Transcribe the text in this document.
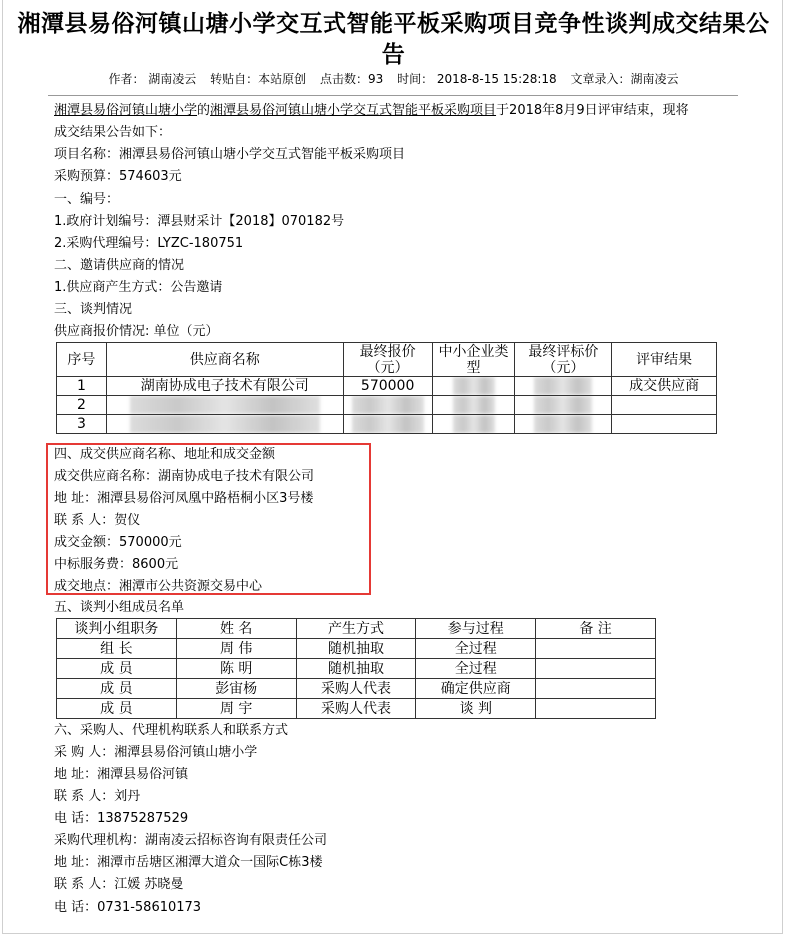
湘潭县易俗河镇山塘小学交互式智能平板采购项目竞争性谈判成交结果公告
作者： 湖南凌云 转贴自：本站原创 点击数：93 时间： 2018-8-15 15:28:18 文章录入：湖南凌云
湘潭县易俗河镇山塘小学的湘潭县易俗河镇山塘小学交互式智能平板采购项目于2018年8月9日评审结束，现将
成交结果公告如下：
项目名称：湘潭县易俗河镇山塘小学交互式智能平板采购项目
采购预算：574603元
一、编号：
1.政府计划编号：潭县财采计【2018】070182号
2.采购代理编号：LYZC-180751
二、邀请供应商的情况
1.供应商产生方式：公告邀请
三、谈判情况
供应商报价情况: 单位（元）
序号	供应商名称	最终报价（元）	中小企业类型	最终评标价（元）	评审结果
1	湖南协成电子技术有限公司	570000			成交供应商
2					
3					
四、成交供应商名称、地址和成交金额
成交供应商名称：湖南协成电子技术有限公司
地 址：湘潭县易俗河凤凰中路梧桐小区3号楼
联 系 人：贺仪
成交金额：570000元
中标服务费：8600元
成交地点：湘潭市公共资源交易中心
五、谈判小组成员名单
谈判小组职务	姓 名	产生方式	参与过程	备 注
组 长	周 伟	随机抽取	全过程	
成 员	陈 明	随机抽取	全过程	
成 员	彭宙杨	采购人代表	确定供应商	
成 员	周 宇	采购人代表	谈 判	
六、采购人、代理机构联系人和联系方式
采 购 人：湘潭县易俗河镇山塘小学
地 址：湘潭县易俗河镇
联 系 人：刘丹
电 话：13875287529
采购代理机构：湖南凌云招标咨询有限责任公司
地 址：湘潭市岳塘区湘潭大道众一国际C栋3楼
联 系 人：江媛 苏晓曼
电 话：0731-58610173
